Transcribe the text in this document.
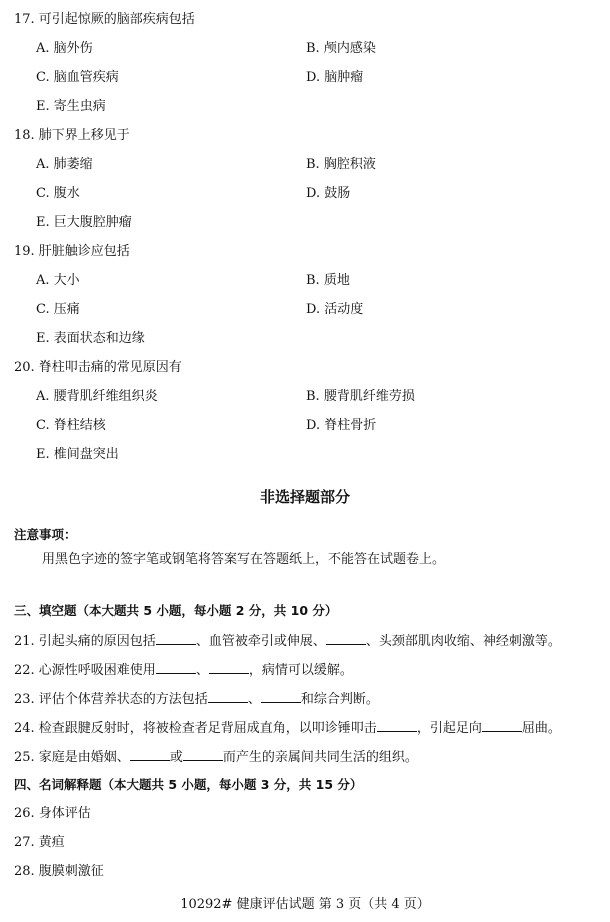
17. 可引起惊厥的脑部疾病包括
A. 脑外伤	B. 颅内感染
C. 脑血管疾病	D. 脑肿瘤
E. 寄生虫病
18. 肺下界上移见于
A. 肺萎缩	B. 胸腔积液
C. 腹水	D. 鼓肠
E. 巨大腹腔肿瘤
19. 肝脏触诊应包括
A. 大小	B. 质地
C. 压痛	D. 活动度
E. 表面状态和边缘
20. 脊柱叩击痛的常见原因有
A. 腰背肌纤维组织炎	B. 腰背肌纤维劳损
C. 脊柱结核	D. 脊柱骨折
E. 椎间盘突出
非选择题部分
注意事项：
用黑色字迹的签字笔或钢笔将答案写在答题纸上，不能答在试题卷上。
三、填空题（本大题共 5 小题，每小题 2 分，共 10 分）
21. 引起头痛的原因包括	、血管被牵引或伸展、	、头颈部肌肉收缩、神经刺激等。
22. 心源性呼吸困难使用	、	，病情可以缓解。
23. 评估个体营养状态的方法包括	、	和综合判断。
24. 检查跟腱反射时，将被检查者足背屈成直角，以叩诊锤叩击	，引起足向	屈曲。
25. 家庭是由婚姻、	或	而产生的亲属间共同生活的组织。
四、名词解释题（本大题共 5 小题，每小题 3 分，共 15 分）
26. 身体评估
27. 黄疸
28. 腹膜刺激征
10292# 健康评估试题 第 3 页（共 4 页）
